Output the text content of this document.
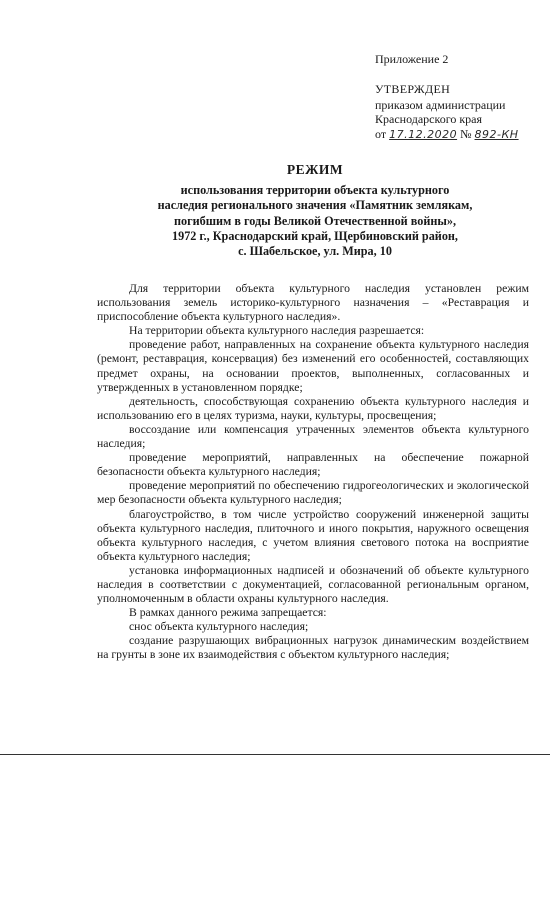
Приложение 2
УТВЕРЖДЕН
приказом администрации
Краснодарского края
от 17.12.2020 № 892-КН
РЕЖИМ
использования территории объекта культурного
наследия регионального значения «Памятник землякам,
погибшим в годы Великой Отечественной войны»,
1972 г., Краснодарский край, Щербиновский район,
с. Шабельское, ул. Мира, 10

Для территории объекта культурного наследия установлен режим использования земель историко-культурного назначения – «Реставрация и приспособление объекта культурного наследия».

На территории объекта культурного наследия разрешается:

проведение работ, направленных на сохранение объекта культурного наследия (ремонт, реставрация, консервация) без изменений его особенностей, составляющих предмет охраны, на основании проектов, выполненных, согласованных и утвержденных в установленном порядке;

деятельность, способствующая сохранению объекта культурного наследия и использованию его в целях туризма, науки, культуры, просвещения;

воссоздание или компенсация утраченных элементов объекта культурного наследия;

проведение мероприятий, направленных на обеспечение пожарной безопасности объекта культурного наследия;

проведение мероприятий по обеспечению гидрогеологических и экологической мер безопасности объекта культурного наследия;

благоустройство, в том числе устройство сооружений инженерной защиты объекта культурного наследия, плиточного и иного покрытия, наружного освещения объекта культурного наследия, с учетом влияния светового потока на восприятие объекта культурного наследия;

установка информационных надписей и обозначений об объекте культурного наследия в соответствии с документацией, согласованной региональным органом, уполномоченным в области охраны культурного наследия.

В рамках данного режима запрещается:

снос объекта культурного наследия;

создание разрушающих вибрационных нагрузок динамическим воздействием на грунты в зоне их взаимодействия с объектом культурного наследия;
